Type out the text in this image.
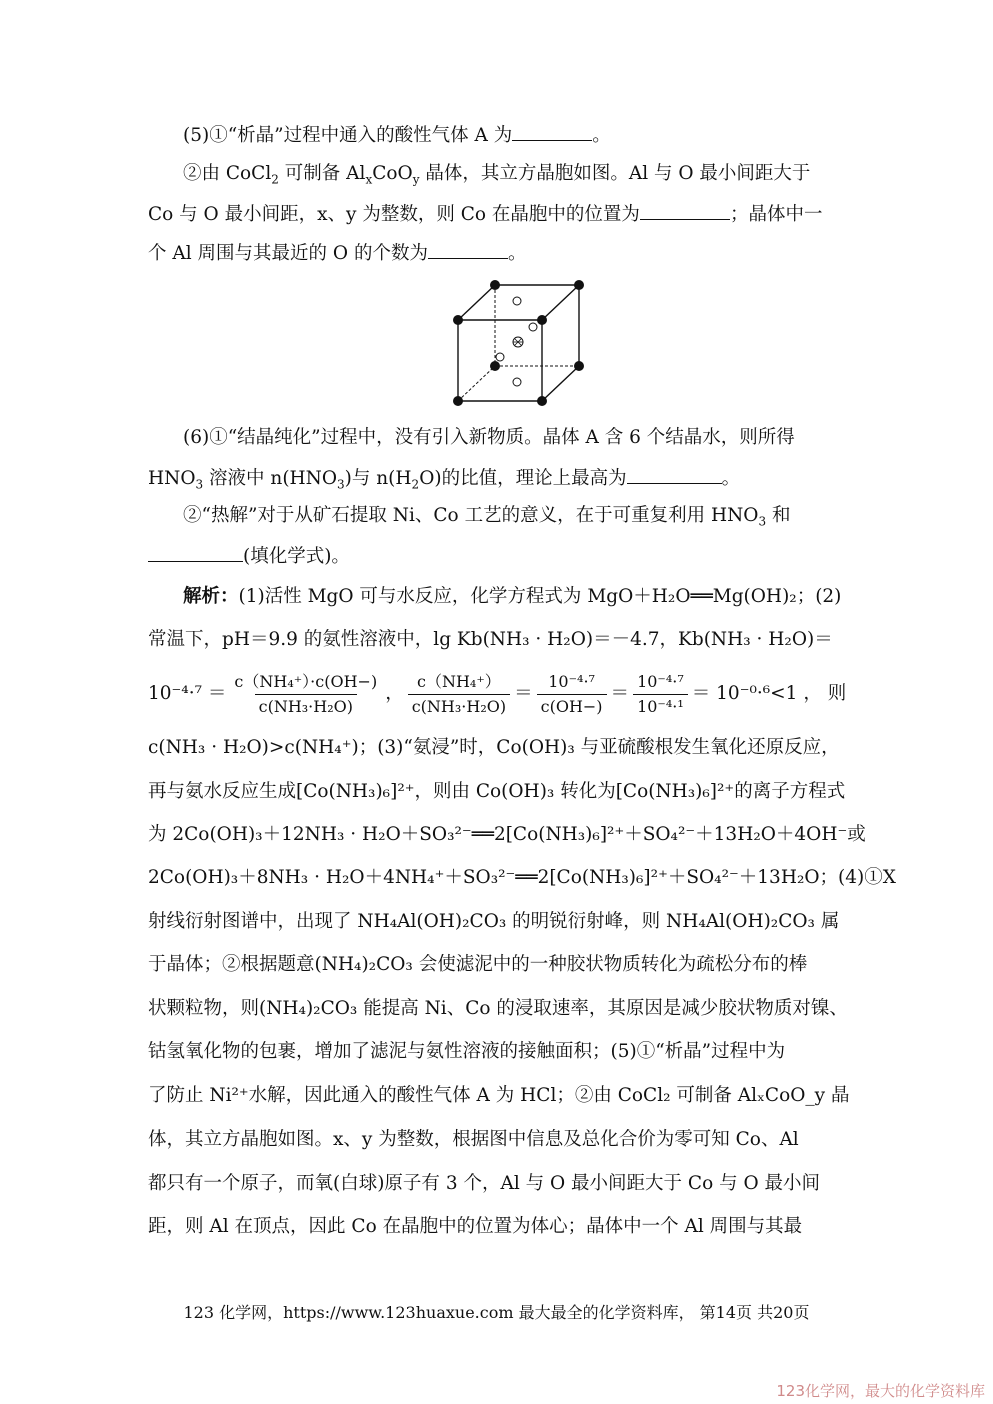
(5)①“析晶”过程中通入的酸性气体 A 为	。
②由 CoCl$_2$ 可制备 $Al_xCoO_y$ 晶体，其立方晶胞如图。Al 与 O 最小间距大于
Co 与 O 最小间距，x、y 为整数，则 Co 在晶胞中的位置为	；晶体中一
个 Al 周围与其最近的 O 的个数为	。
(6)①“结晶纯化”过程中，没有引入新物质。晶体 A 含 6 个结晶水，则所得
$HNO_3$ 溶液中 $n(HNO_3)$与 $n(H_2O)$的比值，理论上最高为	。
②“热解”对于从矿石提取 Ni、Co 工艺的意义，在于可重复利用 $HNO_3$ 和
(填化学式)。
解析：(1)活性 MgO 可与水反应，化学方程式为 MgO＋H₂O══Mg(OH)₂；(2)
常温下，pH＝9.9 的氨性溶液中，lg Kb(NH₃ · H₂O)＝－4.7，Kb(NH₃ · H₂O)＝
$10^{-4}\cdot^7 = \frac{\text{c（NH₄⁺）·c(OH−)}}{\text{c(NH₃·H₂O)}}$ ， $\frac{\text{c（NH₄⁺）}}{\text{c(NH₃·H₂O)}} = \frac{\text{10⁻⁴·⁷}}{c(OH-)} = \frac{\text{10⁻⁴·⁷}}{\text{10⁻⁴·¹}} = 10^{-0}\cdot^6<1$ ， 则
c(NH₃ · H₂O)>c(NH₄⁺)；(3)“氨浸”时，Co(OH)₃ 与亚硫酸根发生氧化还原反应，
再与氨水反应生成[Co(NH₃)₆]²⁺，则由 Co(OH)₃ 转化为[Co(NH₃)₆]²⁺的离子方程式
为 2Co(OH)₃＋12NH₃ · H₂O＋SO₃²⁻══2[Co(NH₃)₆]²⁺＋SO₄²⁻＋13H₂O＋4OH⁻或
2Co(OH)₃＋8NH₃ · H₂O＋4NH₄⁺＋SO₃²⁻══2[Co(NH₃)₆]²⁺＋SO₄²⁻＋13H₂O；(4)①X
射线衍射图谱中，出现了 NH₄Al(OH)₂CO₃ 的明锐衍射峰，则 NH₄Al(OH)₂CO₃ 属
于晶体；②根据题意(NH₄)₂CO₃ 会使滤泥中的一种胶状物质转化为疏松分布的棒
状颗粒物，则(NH₄)₂CO₃ 能提高 Ni、Co 的浸取速率，其原因是减少胶状物质对镍、
钴氢氧化物的包裹，增加了滤泥与氨性溶液的接触面积；(5)①“析晶”过程中为
了防止 Ni²⁺水解，因此通入的酸性气体 A 为 HCl；②由 CoCl₂ 可制备 AlₓCoO_y 晶
体，其立方晶胞如图。x、y 为整数，根据图中信息及总化合价为零可知 Co、Al
都只有一个原子，而氧(白球)原子有 3 个，Al 与 O 最小间距大于 Co 与 O 最小间
距，则 Al 在顶点，因此 Co 在晶胞中的位置为体心；晶体中一个 Al 周围与其最
123 化学网，https://www.123huaxue.com 最大最全的化学资料库， 第14页 共20页
123化学网，最大的化学资料库
